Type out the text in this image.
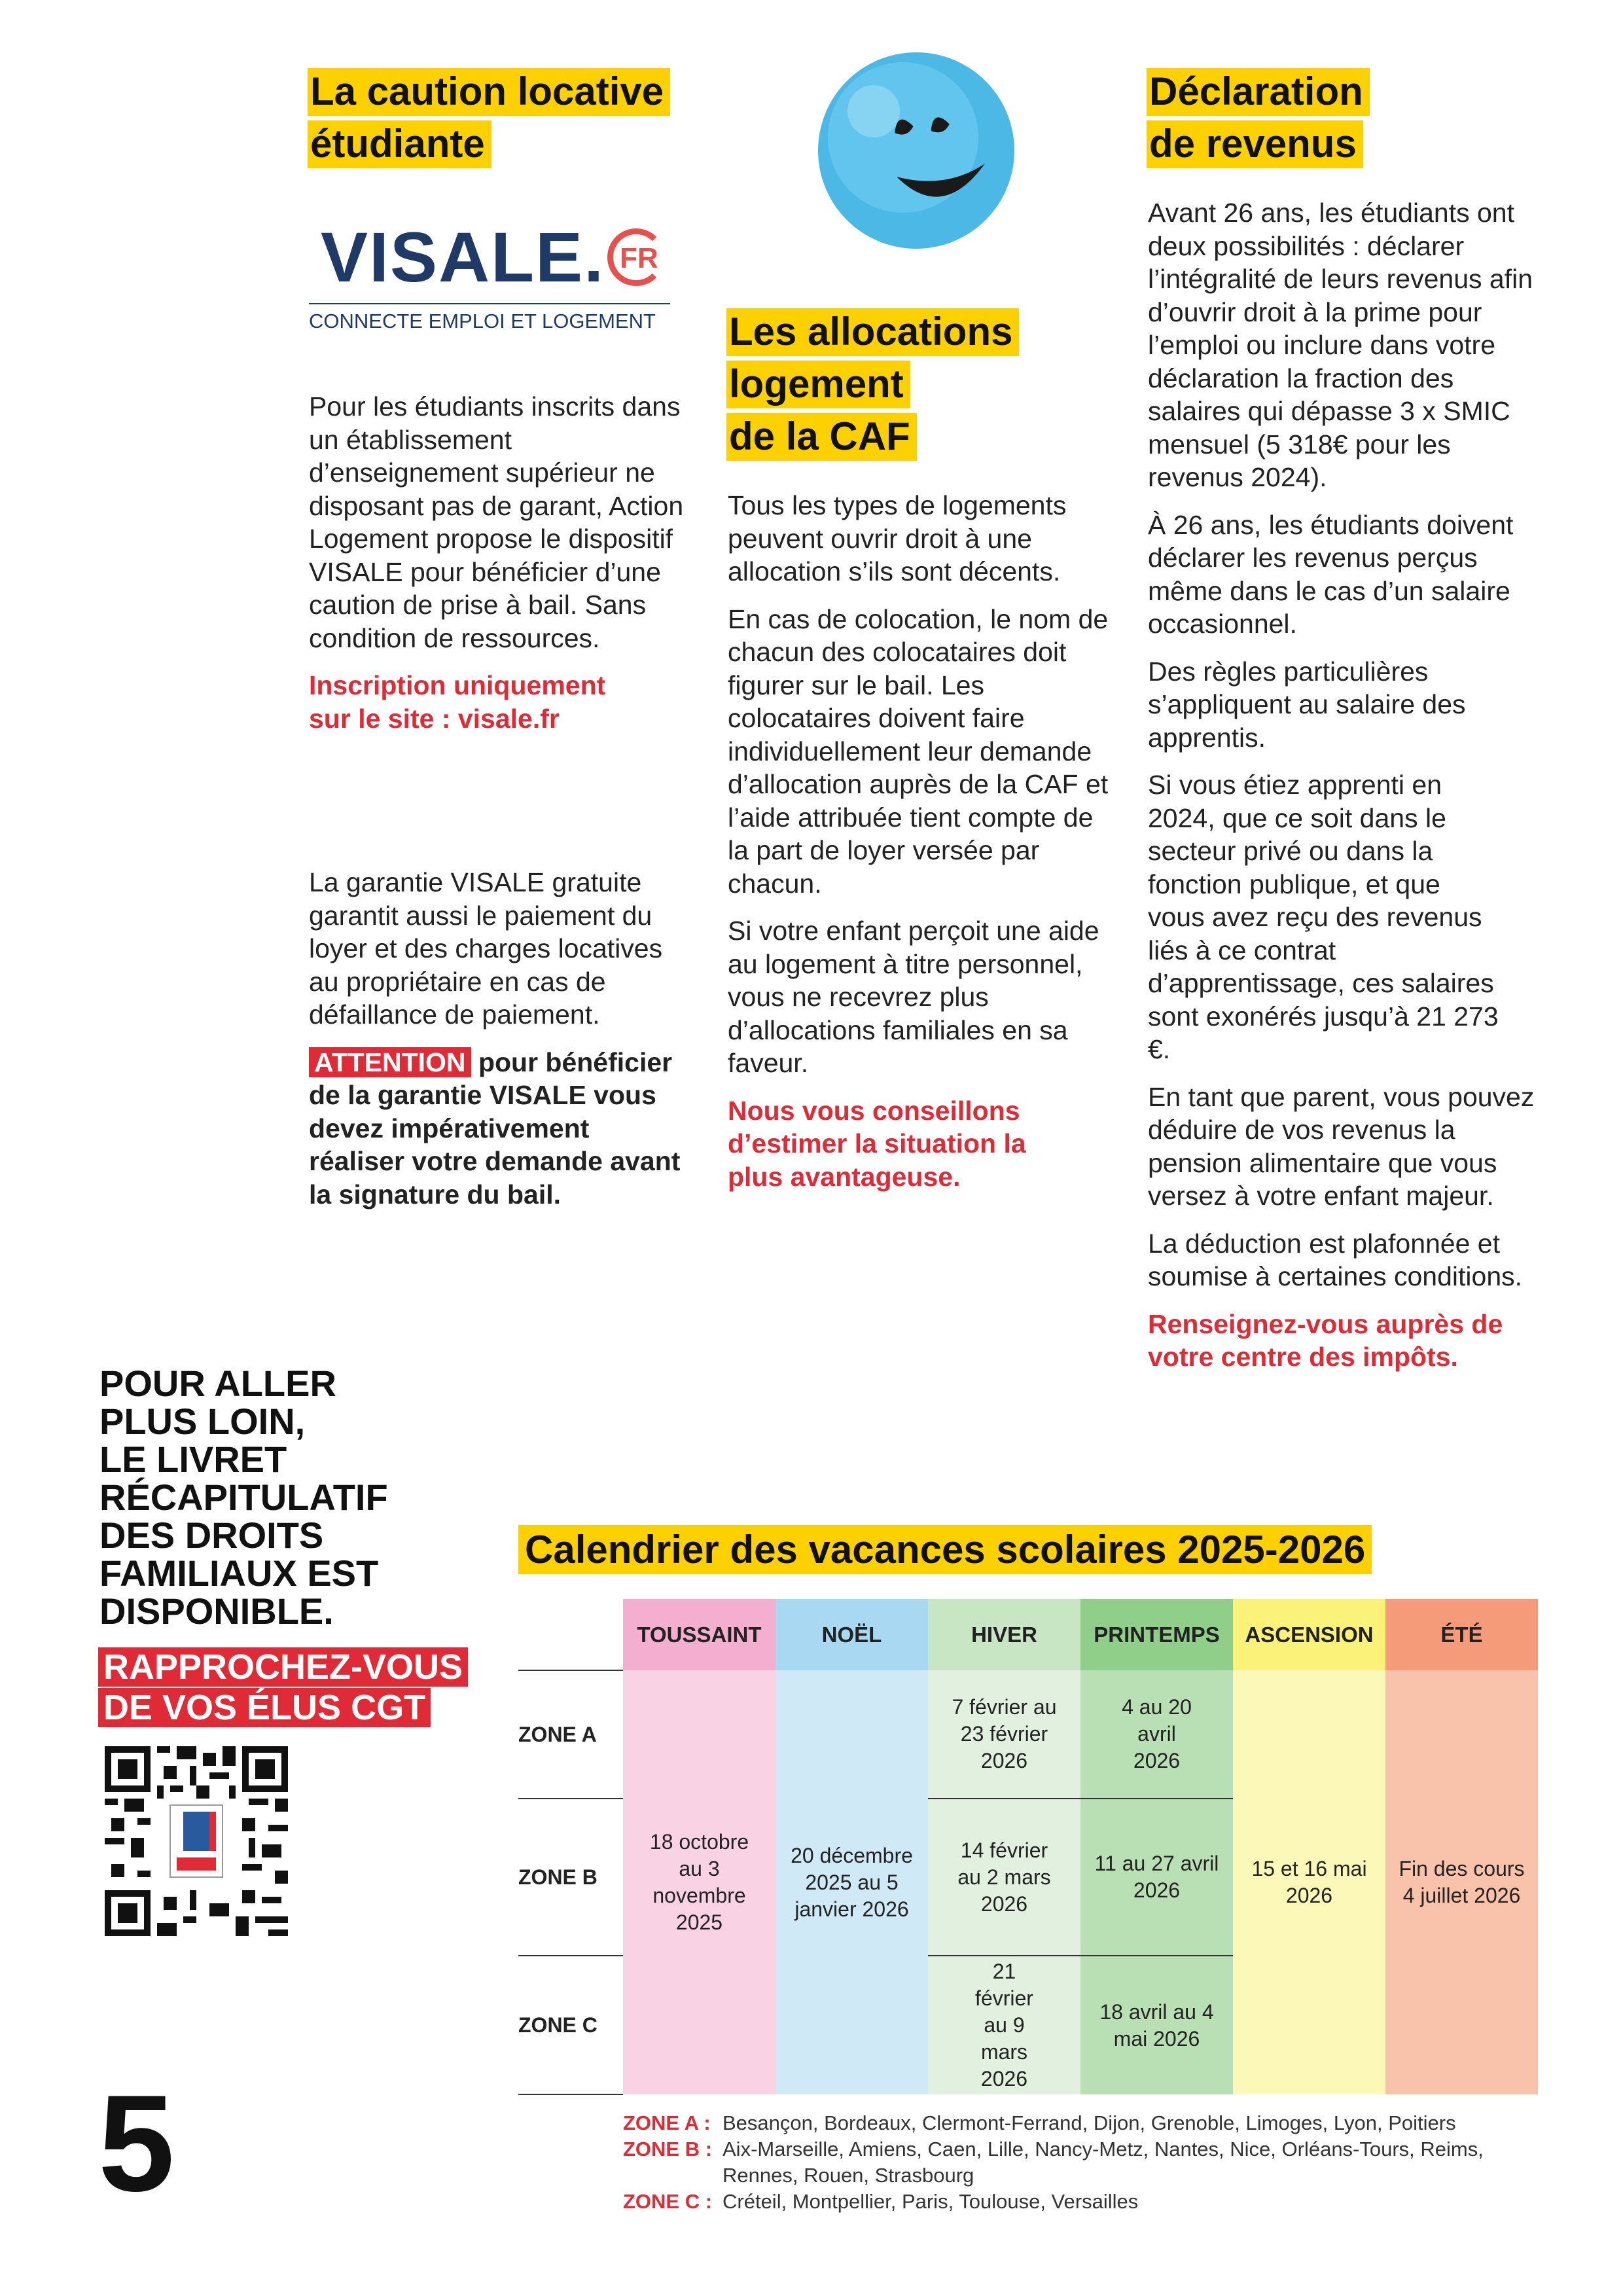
La caution locative
étudiante
VISALE. FR
CONNECTE EMPLOI ET LOGEMENT

Pour les étudiants inscrits dans un établissement d’enseignement supérieur ne disposant pas de garant, Action Logement propose le dispositif VISALE pour bénéficier d’une caution de prise à bail. Sans condition de ressources.

Inscription uniquement sur le site : visale.fr

La garantie VISALE gratuite garantit aussi le paiement du loyer et des charges locatives au propriétaire en cas de défaillance de paiement.

ATTENTION pour bénéficier de la garantie VISALE vous devez impérativement réaliser votre demande avant la signature du bail.

Les allocations
logement
de la CAF

Tous les types de logements peuvent ouvrir droit à une allocation s’ils sont décents.

En cas de colocation, le nom de chacun des colocataires doit figurer sur le bail. Les colocataires doivent faire individuellement leur demande d’allocation auprès de la CAF et l’aide attribuée tient compte de la part de loyer versée par chacun.

Si votre enfant perçoit une aide au logement à titre personnel, vous ne recevrez plus d’allocations familiales en sa faveur.

Nous vous conseillons d’estimer la situation la plus avantageuse.

Déclaration
de revenus

Avant 26 ans, les étudiants ont deux possibilités : déclarer l’intégralité de leurs revenus afin d’ouvrir droit à la prime pour l’emploi ou inclure dans votre déclaration la fraction des salaires qui dépasse 3 x SMIC mensuel (5 318€ pour les revenus 2024).

À 26 ans, les étudiants doivent déclarer les revenus perçus même dans le cas d’un salaire occasionnel.

Des règles particulières s’appliquent au salaire des apprentis.

Si vous étiez apprenti en 2024, que ce soit dans le secteur privé ou dans la fonction publique, et que vous avez reçu des revenus liés à ce contrat d’apprentissage, ces salaires sont exonérés jusqu’à 21 273 €.

En tant que parent, vous pouvez déduire de vos revenus la pension alimentaire que vous versez à votre enfant majeur.

La déduction est plafonnée et soumise à certaines conditions.

Renseignez-vous auprès de votre centre des impôts.

POUR ALLER
PLUS LOIN,
LE LIVRET
RÉCAPITULATIF
DES DROITS
FAMILIAUX EST
DISPONIBLE.
RAPPROCHEZ-VOUS
DE VOS ÉLUS CGT
5
Calendrier des vacances scolaires 2025-2026
	TOUSSAINT	NOËL	HIVER	PRINTEMPS	ASCENSION	ÉTÉ
ZONE A	18 octobre au 3 novembre 2025	20 décembre 2025 au 5 janvier 2026	7 février au 23 février 2026	4 au 20 avril 2026	15 et 16 mai 2026	Fin des cours 4 juillet 2026

ZONE B			14 février au 2 mars 2026	11 au 27 avril 2026		

ZONE C			21 février au 9 mars 2026	18 avril au 4 mai 2026		
ZONE A : Besançon, Bordeaux, Clermont-Ferrand, Dijon, Grenoble, Limoges, Lyon, Poitiers
ZONE B : Aix-Marseille, Amiens, Caen, Lille, Nancy-Metz, Nantes, Nice, Orléans-Tours, Reims, Rennes, Rouen, Strasbourg
ZONE C : Créteil, Montpellier, Paris, Toulouse, Versailles
